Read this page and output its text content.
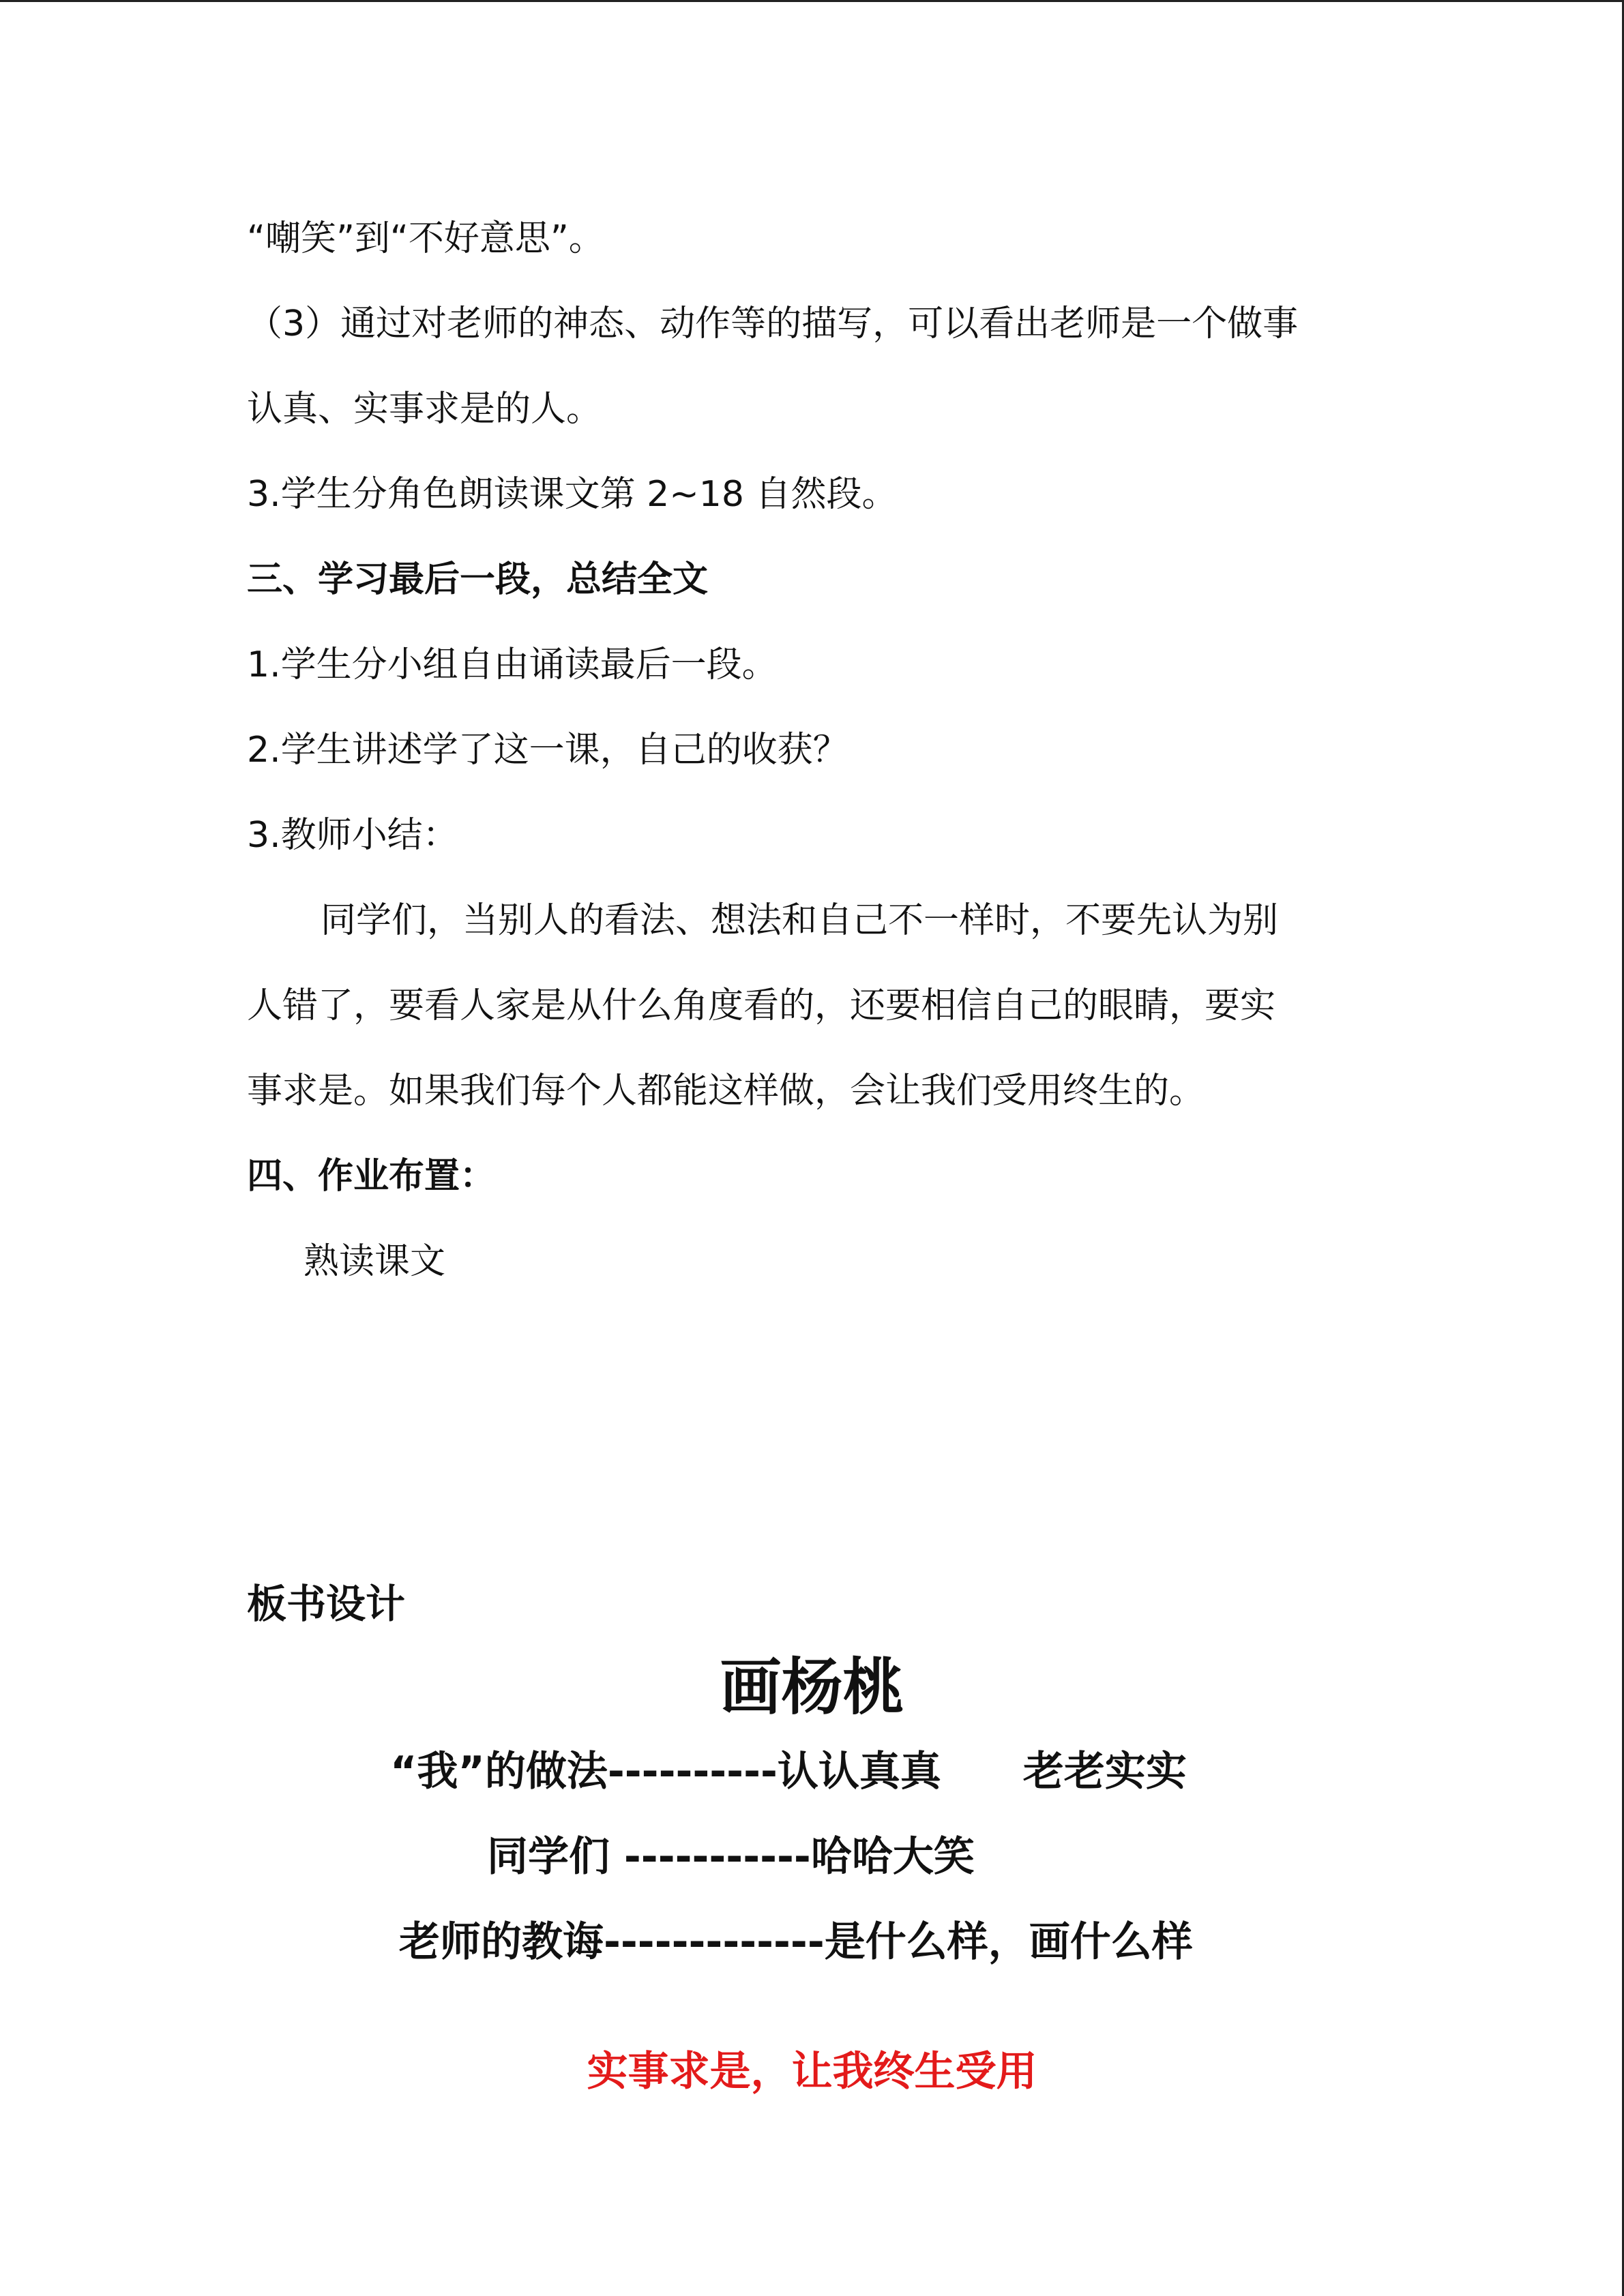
“嘲笑”到“不好意思”。
（3）通过对老师的神态、动作等的描写，可以看出老师是一个做事
认真、实事求是的人。
3.学生分角色朗读课文第 2~18 自然段。
三、学习最后一段，总结全文
1.学生分小组自由诵读最后一段。
2.学生讲述学了这一课，自己的收获？
3.教师小结：
同学们，当别人的看法、想法和自己不一样时，不要先认为别
人错了，要看人家是从什么角度看的，还要相信自己的眼睛，要实
事求是。如果我们每个人都能这样做，会让我们受用终生的。
四、作业布置：
熟读课文
板书设计
画杨桃
“我”的做法----------认认真真　　老老实实
同学们 -----------哈哈大笑
老师的教诲-------------是什么样，画什么样
实事求是，让我终生受用
